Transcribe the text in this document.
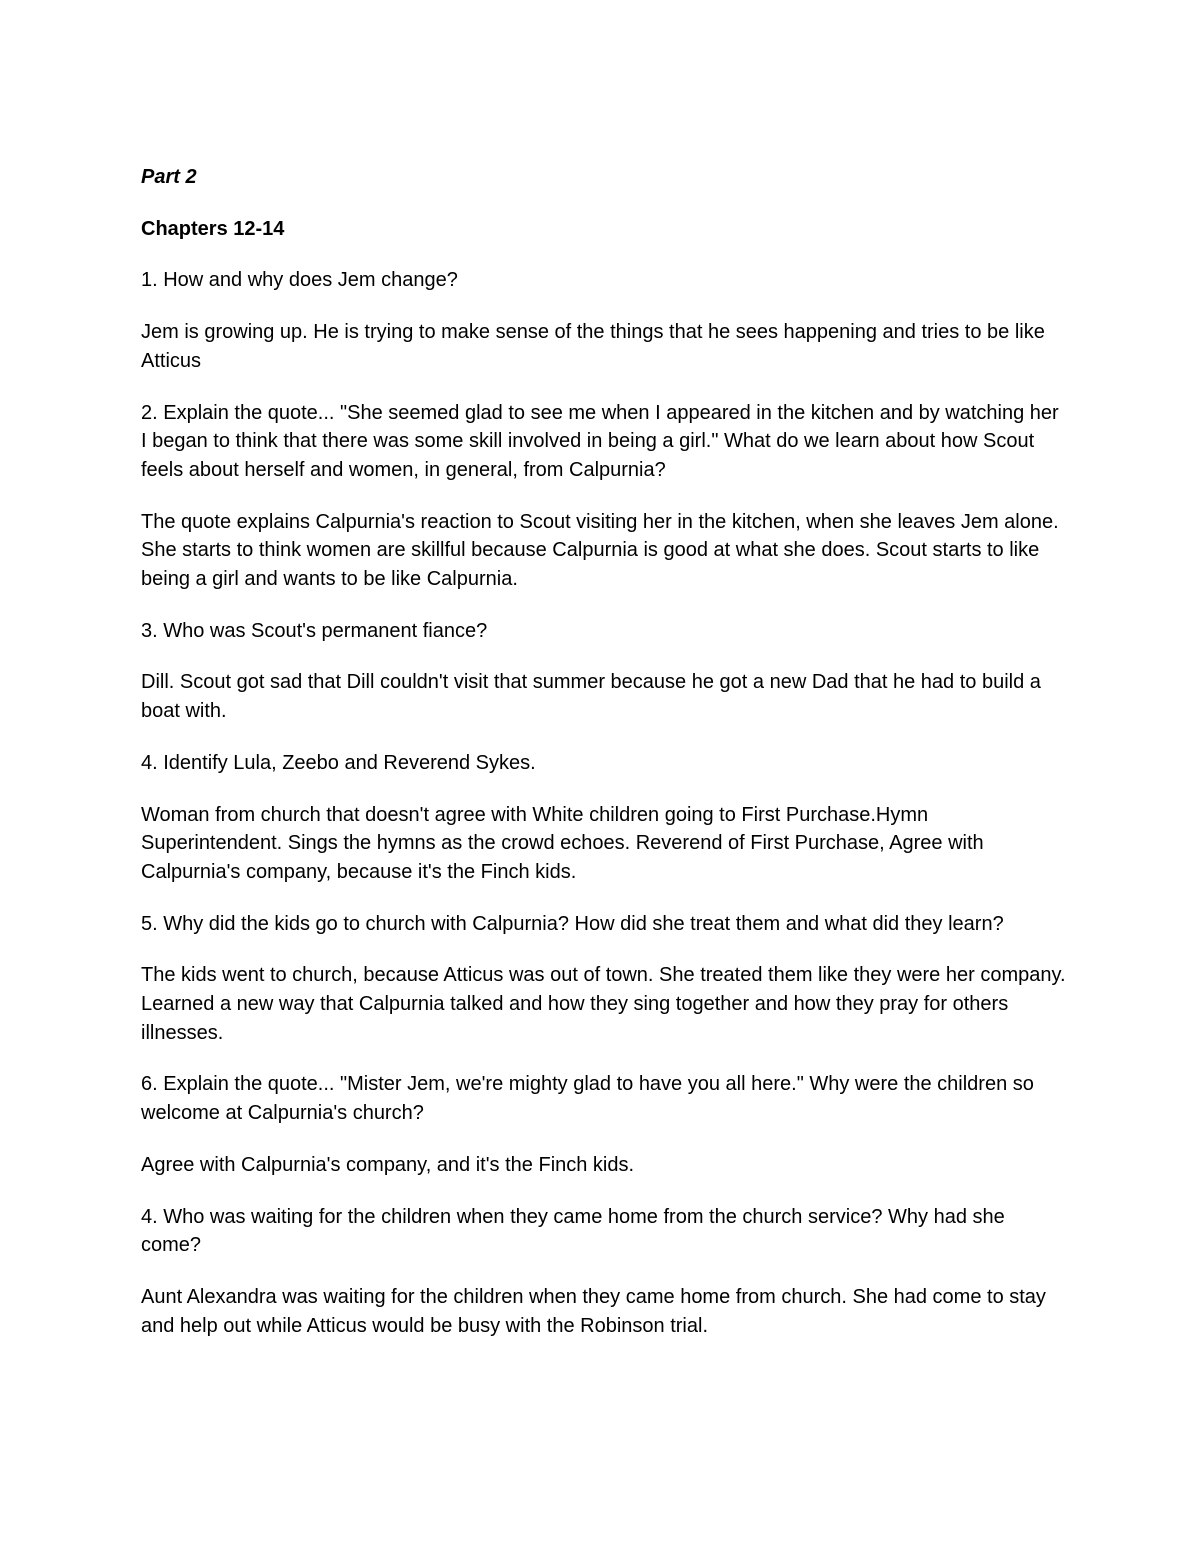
Part 2

Chapters 12-14

1. How and why does Jem change?

Jem is growing up. He is trying to make sense of the things that he sees happening and tries to be like Atticus

2. Explain the quote... "She seemed glad to see me when I appeared in the kitchen and by watching her I began to think that there was some skill involved in being a girl." What do we learn about how Scout feels about herself and women, in general, from Calpurnia?

The quote explains Calpurnia's reaction to Scout visiting her in the kitchen, when she leaves Jem alone. She starts to think women are skillful because Calpurnia is good at what she does. Scout starts to like being a girl and wants to be like Calpurnia.

3. Who was Scout's permanent fiance?

Dill. Scout got sad that Dill couldn't visit that summer because he got a new Dad that he had to build a boat with.

4. Identify Lula, Zeebo and Reverend Sykes.

Woman from church that doesn't agree with White children going to First Purchase.Hymn Superintendent. Sings the hymns as the crowd echoes. Reverend of First Purchase, Agree with Calpurnia's company, because it's the Finch kids.

5. Why did the kids go to church with Calpurnia? How did she treat them and what did they learn?

The kids went to church, because Atticus was out of town. She treated them like they were her company. Learned a new way that Calpurnia talked and how they sing together and how they pray for others illnesses.

6. Explain the quote... "Mister Jem, we're mighty glad to have you all here." Why were the children so welcome at Calpurnia's church?

Agree with Calpurnia's company, and it's the Finch kids.

4. Who was waiting for the children when they came home from the church service? Why had she come?

Aunt Alexandra was waiting for the children when they came home from church. She had come to stay and help out while Atticus would be busy with the Robinson trial.
